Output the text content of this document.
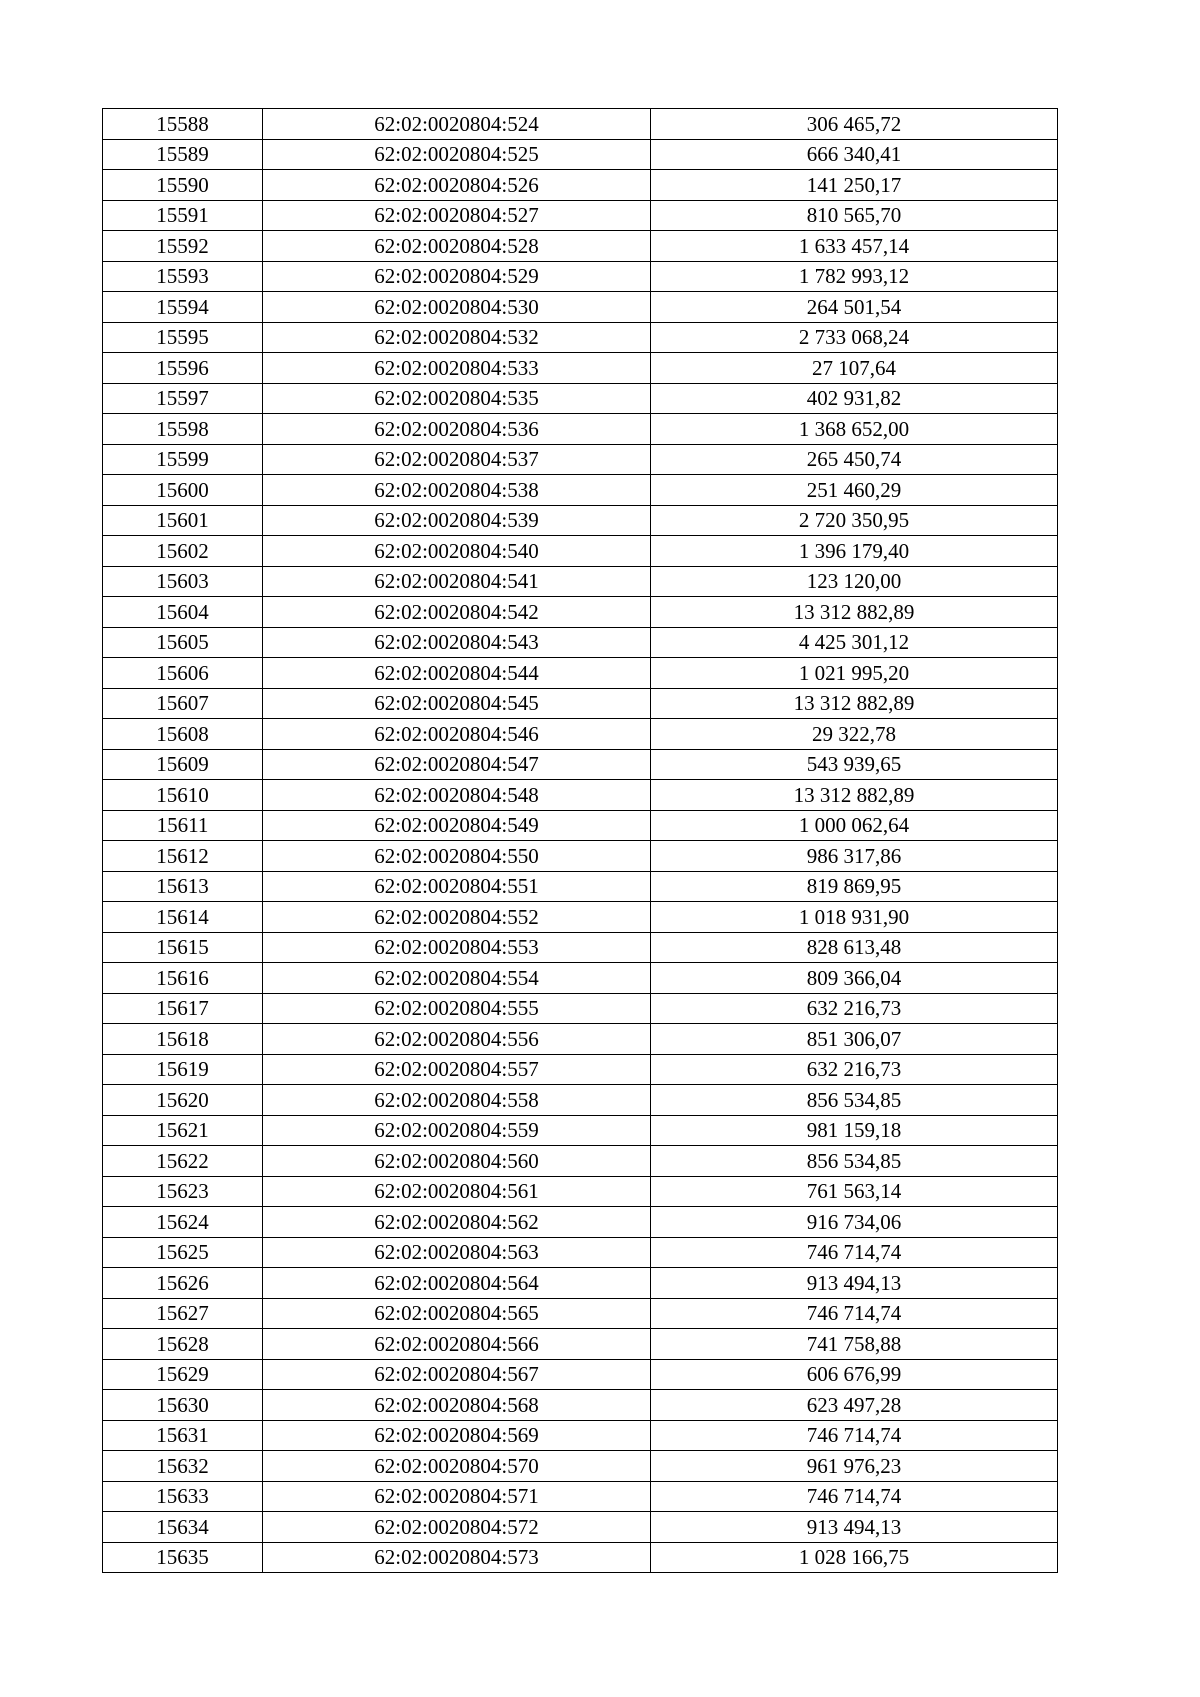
15588	62:02:0020804:524	306 465,72
15589	62:02:0020804:525	666 340,41
15590	62:02:0020804:526	141 250,17
15591	62:02:0020804:527	810 565,70
15592	62:02:0020804:528	1 633 457,14
15593	62:02:0020804:529	1 782 993,12
15594	62:02:0020804:530	264 501,54
15595	62:02:0020804:532	2 733 068,24
15596	62:02:0020804:533	27 107,64
15597	62:02:0020804:535	402 931,82
15598	62:02:0020804:536	1 368 652,00
15599	62:02:0020804:537	265 450,74
15600	62:02:0020804:538	251 460,29
15601	62:02:0020804:539	2 720 350,95
15602	62:02:0020804:540	1 396 179,40
15603	62:02:0020804:541	123 120,00
15604	62:02:0020804:542	13 312 882,89
15605	62:02:0020804:543	4 425 301,12
15606	62:02:0020804:544	1 021 995,20
15607	62:02:0020804:545	13 312 882,89
15608	62:02:0020804:546	29 322,78
15609	62:02:0020804:547	543 939,65
15610	62:02:0020804:548	13 312 882,89
15611	62:02:0020804:549	1 000 062,64
15612	62:02:0020804:550	986 317,86
15613	62:02:0020804:551	819 869,95
15614	62:02:0020804:552	1 018 931,90
15615	62:02:0020804:553	828 613,48
15616	62:02:0020804:554	809 366,04
15617	62:02:0020804:555	632 216,73
15618	62:02:0020804:556	851 306,07
15619	62:02:0020804:557	632 216,73
15620	62:02:0020804:558	856 534,85
15621	62:02:0020804:559	981 159,18
15622	62:02:0020804:560	856 534,85
15623	62:02:0020804:561	761 563,14
15624	62:02:0020804:562	916 734,06
15625	62:02:0020804:563	746 714,74
15626	62:02:0020804:564	913 494,13
15627	62:02:0020804:565	746 714,74
15628	62:02:0020804:566	741 758,88
15629	62:02:0020804:567	606 676,99
15630	62:02:0020804:568	623 497,28
15631	62:02:0020804:569	746 714,74
15632	62:02:0020804:570	961 976,23
15633	62:02:0020804:571	746 714,74
15634	62:02:0020804:572	913 494,13
15635	62:02:0020804:573	1 028 166,75
